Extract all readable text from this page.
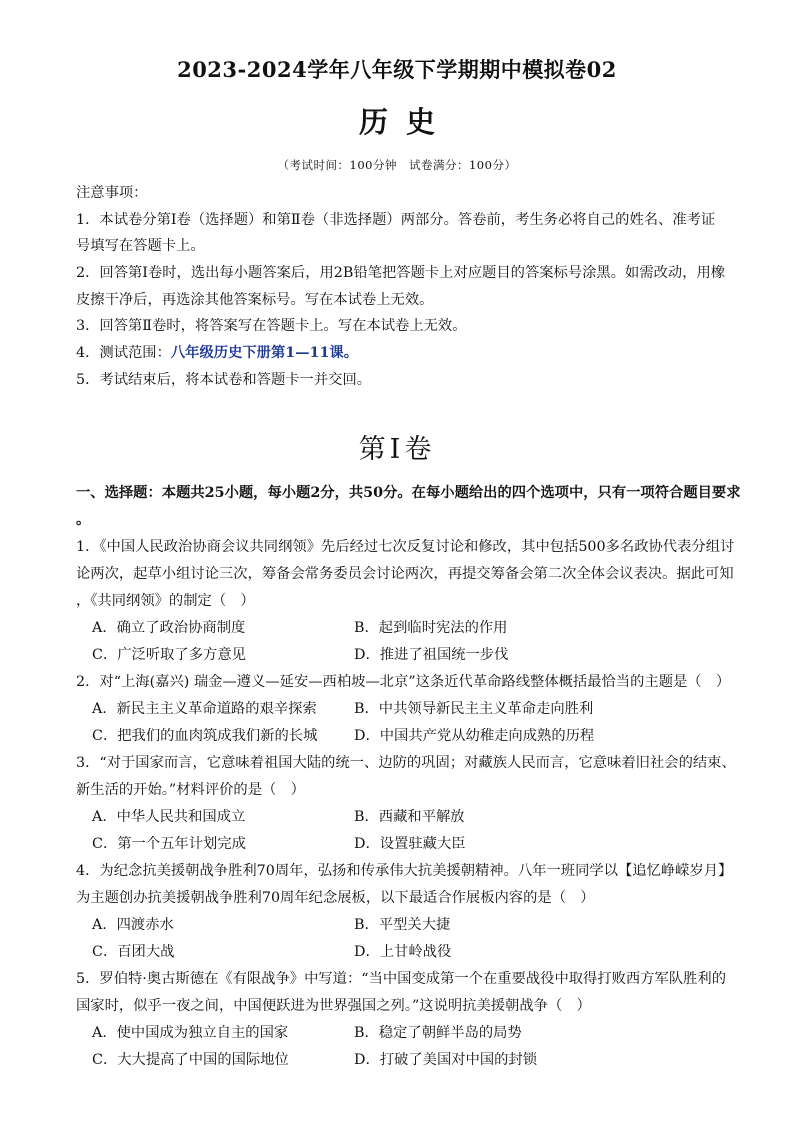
2023-2024学年八年级下学期期中模拟卷02
历史
（考试时间：100分钟　试卷满分：100分）
注意事项：
1．本试卷分第Ⅰ卷（选择题）和第Ⅱ卷（非选择题）两部分。答卷前，考生务必将自己的姓名、准考证
号填写在答题卡上。
2．回答第Ⅰ卷时，选出每小题答案后，用2B铅笔把答题卡上对应题目的答案标号涂黑。如需改动，用橡
皮擦干净后，再选涂其他答案标号。写在本试卷上无效。
3．回答第Ⅱ卷时，将答案写在答题卡上。写在本试卷上无效。
4．测试范围：八年级历史下册第1—11课。
5．考试结束后，将本试卷和答题卡一并交回。
第Ⅰ卷
一、选择题：本题共25小题，每小题2分，共50分。在每小题给出的四个选项中，只有一项符合题目要求
。
1．《中国人民政治协商会议共同纲领》先后经过七次反复讨论和修改，其中包括500多名政协代表分组讨
论两次，起草小组讨论三次，筹备会常务委员会讨论两次，再提交筹备会第二次全体会议表决。据此可知
，《共同纲领》的制定（　）
A．确立了政治协商制度	B．起到临时宪法的作用
C．广泛听取了多方意见	D．推进了祖国统一步伐
2．对“上海(嘉兴) 瑞金—遵义—延安—西柏坡—北京”这条近代革命路线整体概括最恰当的主题是（　）
A．新民主主义革命道路的艰辛探索	B．中共领导新民主主义革命走向胜利
C．把我们的血肉筑成我们新的长城	D．中国共产党从幼稚走向成熟的历程
3．“对于国家而言，它意味着祖国大陆的统一、边防的巩固；对藏族人民而言，它意味着旧社会的结束、
新生活的开始。”材料评价的是（　）
A．中华人民共和国成立	B．西藏和平解放
C．第一个五年计划完成	D．设置驻藏大臣
4．为纪念抗美援朝战争胜利70周年，弘扬和传承伟大抗美援朝精神。八年一班同学以【追忆峥嵘岁月】
为主题创办抗美援朝战争胜利70周年纪念展板，以下最适合作展板内容的是（　）
A．四渡赤水	B．平型关大捷
C．百团大战	D．上甘岭战役
5．罗伯特·奥古斯德在《有限战争》中写道：“当中国变成第一个在重要战役中取得打败西方军队胜利的
国家时，似乎一夜之间，中国便跃进为世界强国之列。”这说明抗美援朝战争（　）
A．使中国成为独立自主的国家	B．稳定了朝鲜半岛的局势
C．大大提高了中国的国际地位	D．打破了美国对中国的封锁
